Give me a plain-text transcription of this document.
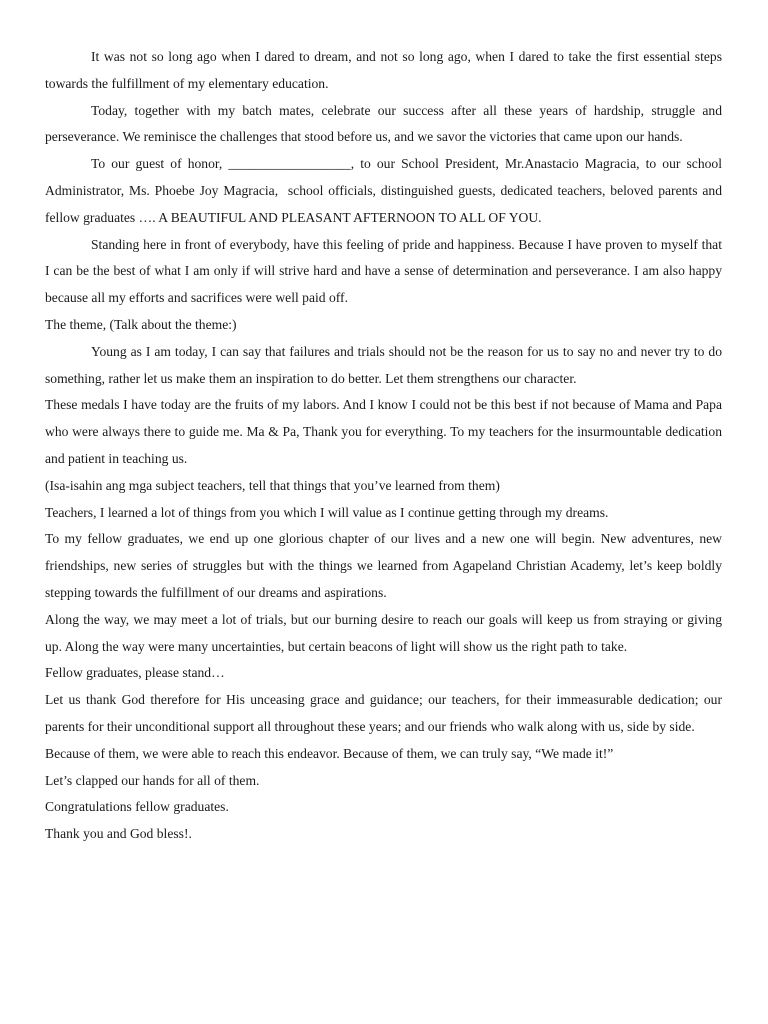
It was not so long ago when I dared to dream, and not so long ago, when I dared to take the first essential steps towards the fulfillment of my elementary education.

Today, together with my batch mates, celebrate our success after all these years of hardship, struggle and perseverance. We reminisce the challenges that stood before us, and we savor the victories that came upon our hands.

To our guest of honor, __________________, to our School President, Mr.Anastacio Magracia, to our school Administrator, Ms. Phoebe Joy Magracia,  school officials, distinguished guests, dedicated teachers, beloved parents and fellow graduates …. A BEAUTIFUL AND PLEASANT AFTERNOON TO ALL OF YOU.

Standing here in front of everybody, have this feeling of pride and happiness. Because I have proven to myself that I can be the best of what I am only if will strive hard and have a sense of determination and perseverance. I am also happy because all my efforts and sacrifices were well paid off.

The theme, (Talk about the theme:)

Young as I am today, I can say that failures and trials should not be the reason for us to say no and never try to do something, rather let us make them an inspiration to do better. Let them strengthens our character.

These medals I have today are the fruits of my labors. And I know I could not be this best if not because of Mama and Papa who were always there to guide me. Ma & Pa, Thank you for everything. To my teachers for the insurmountable dedication and patient in teaching us.

(Isa-isahin ang mga subject teachers, tell that things that you’ve learned from them)

Teachers, I learned a lot of things from you which I will value as I continue getting through my dreams.

To my fellow graduates, we end up one glorious chapter of our lives and a new one will begin. New adventures, new friendships, new series of struggles but with the things we learned from Agapeland Christian Academy, let’s keep boldly stepping towards the fulfillment of our dreams and aspirations.

Along the way, we may meet a lot of trials, but our burning desire to reach our goals will keep us from straying or giving up. Along the way were many uncertainties, but certain beacons of light will show us the right path to take.

Fellow graduates, please stand…

Let us thank God therefore for His unceasing grace and guidance; our teachers, for their immeasurable dedication; our parents for their unconditional support all throughout these years; and our friends who walk along with us, side by side.

Because of them, we were able to reach this endeavor. Because of them, we can truly say, “We made it!”

Let’s clapped our hands for all of them.

Congratulations fellow graduates.

Thank you and God bless!.
